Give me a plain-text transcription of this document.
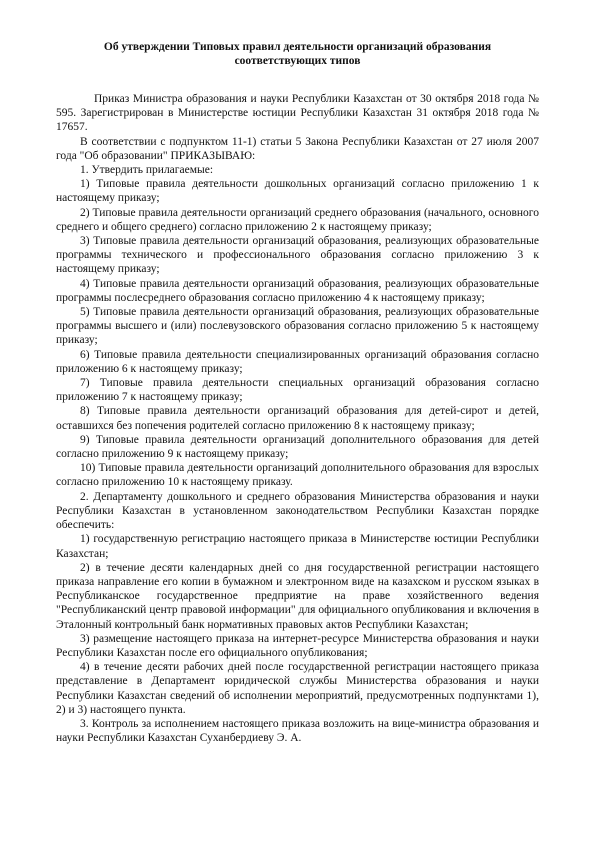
Об утверждении Типовых правил деятельности организаций образования
соответствующих типов

Приказ Министра образования и науки Республики Казахстан от 30 октября 2018 года № 595. Зарегистрирован в Министерстве юстиции Республики Казахстан 31 октября 2018 года № 17657.

В соответствии с подпунктом 11-1) статьи 5 Закона Республики Казахстан от 27 июля 2007 года "Об образовании" ПРИКАЗЫВАЮ:

1. Утвердить прилагаемые:

1) Типовые правила деятельности дошкольных организаций согласно приложению 1 к настоящему приказу;

2) Типовые правила деятельности организаций среднего образования (начального, основного среднего и общего среднего) согласно приложению 2 к настоящему приказу;

3) Типовые правила деятельности организаций образования, реализующих образовательные программы технического и профессионального образования согласно приложению 3 к настоящему приказу;

4) Типовые правила деятельности организаций образования, реализующих образовательные программы послесреднего образования согласно приложению 4 к настоящему приказу;

5) Типовые правила деятельности организаций образования, реализующих образовательные программы высшего и (или) послевузовского образования согласно приложению 5 к настоящему приказу;

6) Типовые правила деятельности специализированных организаций образования согласно приложению 6 к настоящему приказу;

7) Типовые правила деятельности специальных организаций образования согласно приложению 7 к настоящему приказу;

8) Типовые правила деятельности организаций образования для детей-сирот и детей, оставшихся без попечения родителей согласно приложению 8 к настоящему приказу;

9) Типовые правила деятельности организаций дополнительного образования для детей согласно приложению 9 к настоящему приказу;

10) Типовые правила деятельности организаций дополнительного образования для взрослых согласно приложению 10 к настоящему приказу.

2. Департаменту дошкольного и среднего образования Министерства образования и науки Республики Казахстан в установленном законодательством Республики Казахстан порядке обеспечить:

1) государственную регистрацию настоящего приказа в Министерстве юстиции Республики Казахстан;

2) в течение десяти календарных дней со дня государственной регистрации настоящего приказа направление его копии в бумажном и электронном виде на казахском и русском языках в Республиканское государственное предприятие на праве хозяйственного ведения "Республиканский центр правовой информации" для официального опубликования и включения в Эталонный контрольный банк нормативных правовых актов Республики Казахстан;

3) размещение настоящего приказа на интернет-ресурсе Министерства образования и науки Республики Казахстан после его официального опубликования;

4) в течение десяти рабочих дней после государственной регистрации настоящего приказа представление в Департамент юридической службы Министерства образования и науки Республики Казахстан сведений об исполнении мероприятий, предусмотренных подпунктами 1), 2) и 3) настоящего пункта.

3. Контроль за исполнением настоящего приказа возложить на вице-министра образования и науки Республики Казахстан Суханбердиеву Э. А.
